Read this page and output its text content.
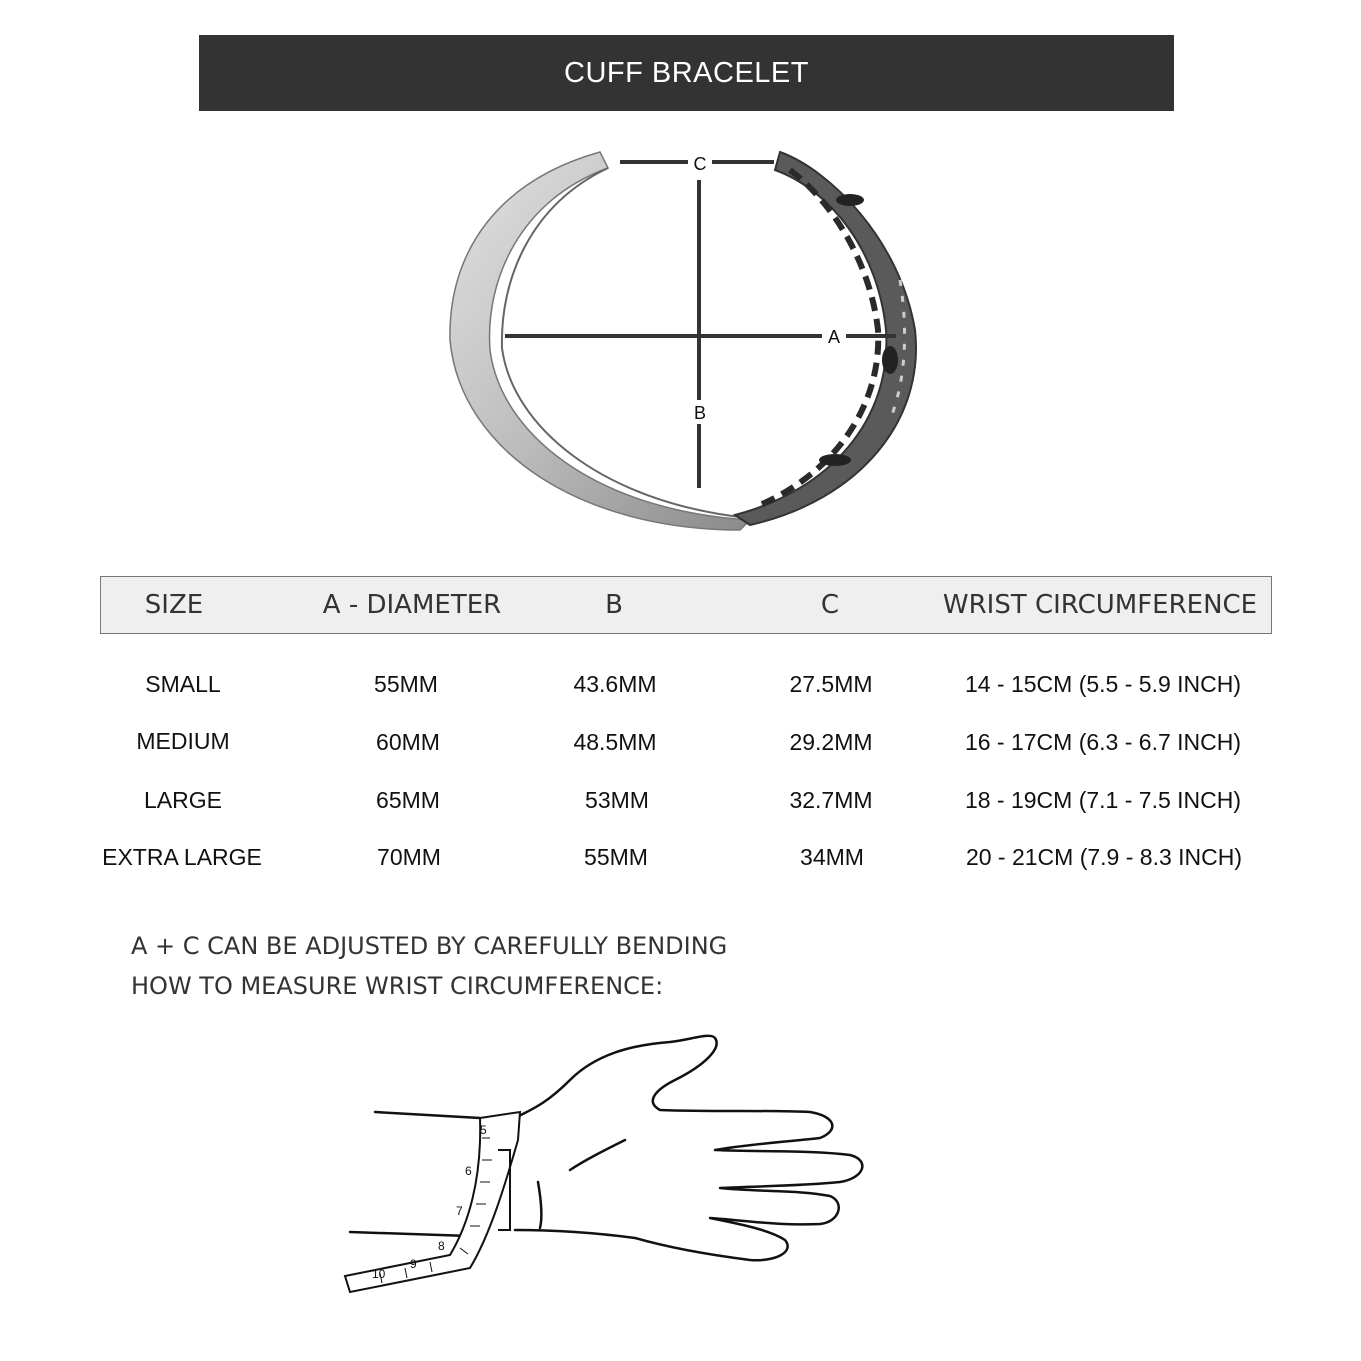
CUFF BRACELET
C
B
A
SIZE	A - DIAMETER	B	C	WRIST CIRCUMFERENCE
SMALL	55MM	43.6MM	27.5MM	14 - 15CM (5.5 - 5.9 INCH)
MEDIUM	60MM	48.5MM	29.2MM	16 - 17CM (6.3 - 6.7 INCH)
LARGE	65MM	53MM	32.7MM	18 - 19CM (7.1 - 7.5 INCH)
EXTRA LARGE	70MM	55MM	34MM	20 - 21CM (7.9 - 8.3 INCH)
A + C CAN BE ADJUSTED BY CAREFULLY BENDING
HOW TO MEASURE WRIST CIRCUMFERENCE:
5
6
7
8
9
10
